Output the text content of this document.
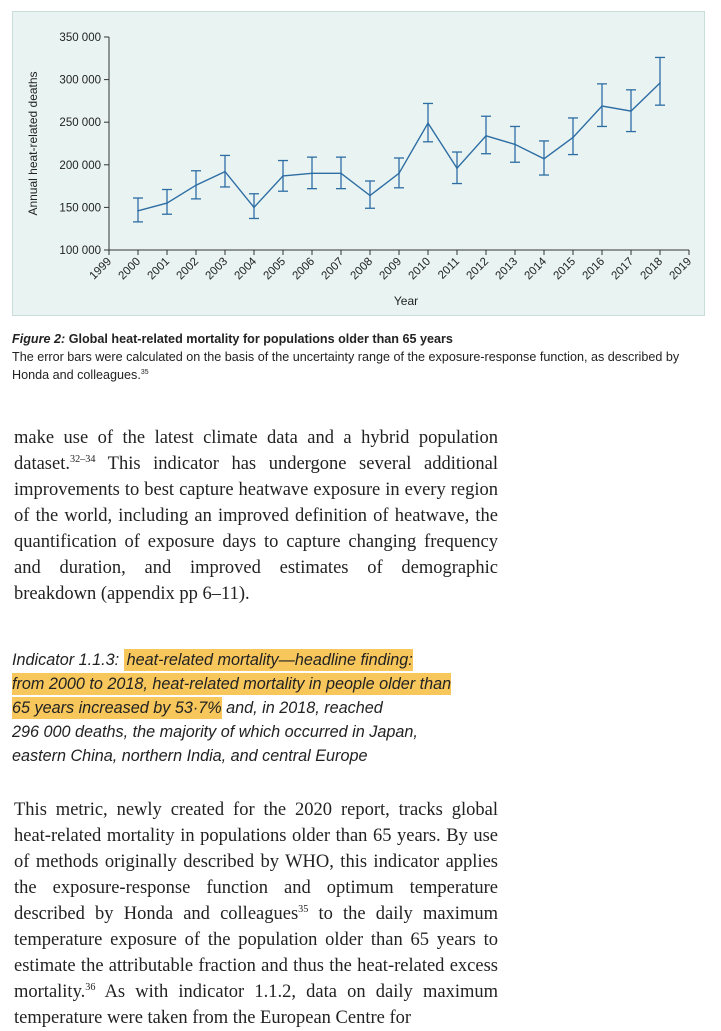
100 000
150 000
200 000
250 000
300 000
350 000
1999 2000 2001 2002 2003 2004 2005 2006 2007 2008 2009 2010 2011 2012 2013 2014 2015 2016 2017 2018 2019
Annual heat-related deaths
Year
Figure 2: Global heat-related mortality for populations older than 65 years
The error bars were calculated on the basis of the uncertainty range of the exposure-response function, as described by Honda and colleagues.$^{35}$

make use of the latest climate data and a hybrid population dataset.$^{32-34}$ This indicator has undergone several additional improvements to best capture heatwave exposure in every region of the world, including an improved definition of heatwave, the quantification of exposure days to capture changing frequency and duration, and improved estimates of demographic breakdown (appendix pp 6–11).

Indicator 1.1.3: heat-related mortality—headline finding:
from 2000 to 2018, heat-related mortality in people older than
65 years increased by 53·7% and, in 2018, reached
296 000 deaths, the majority of which occurred in Japan,
eastern China, northern India, and central Europe

This metric, newly created for the 2020 report, tracks global heat-related mortality in populations older than 65 years. By use of methods originally described by WHO, this indicator applies the exposure-response function and optimum temperature described by Honda and colleagues$^{35}$ to the daily maximum temperature exposure of the population older than 65 years to estimate the attributable fraction and thus the heat-related excess mortality.$^{36}$ As with indicator 1.1.2, data on daily maximum temperature were taken from the European Centre for
